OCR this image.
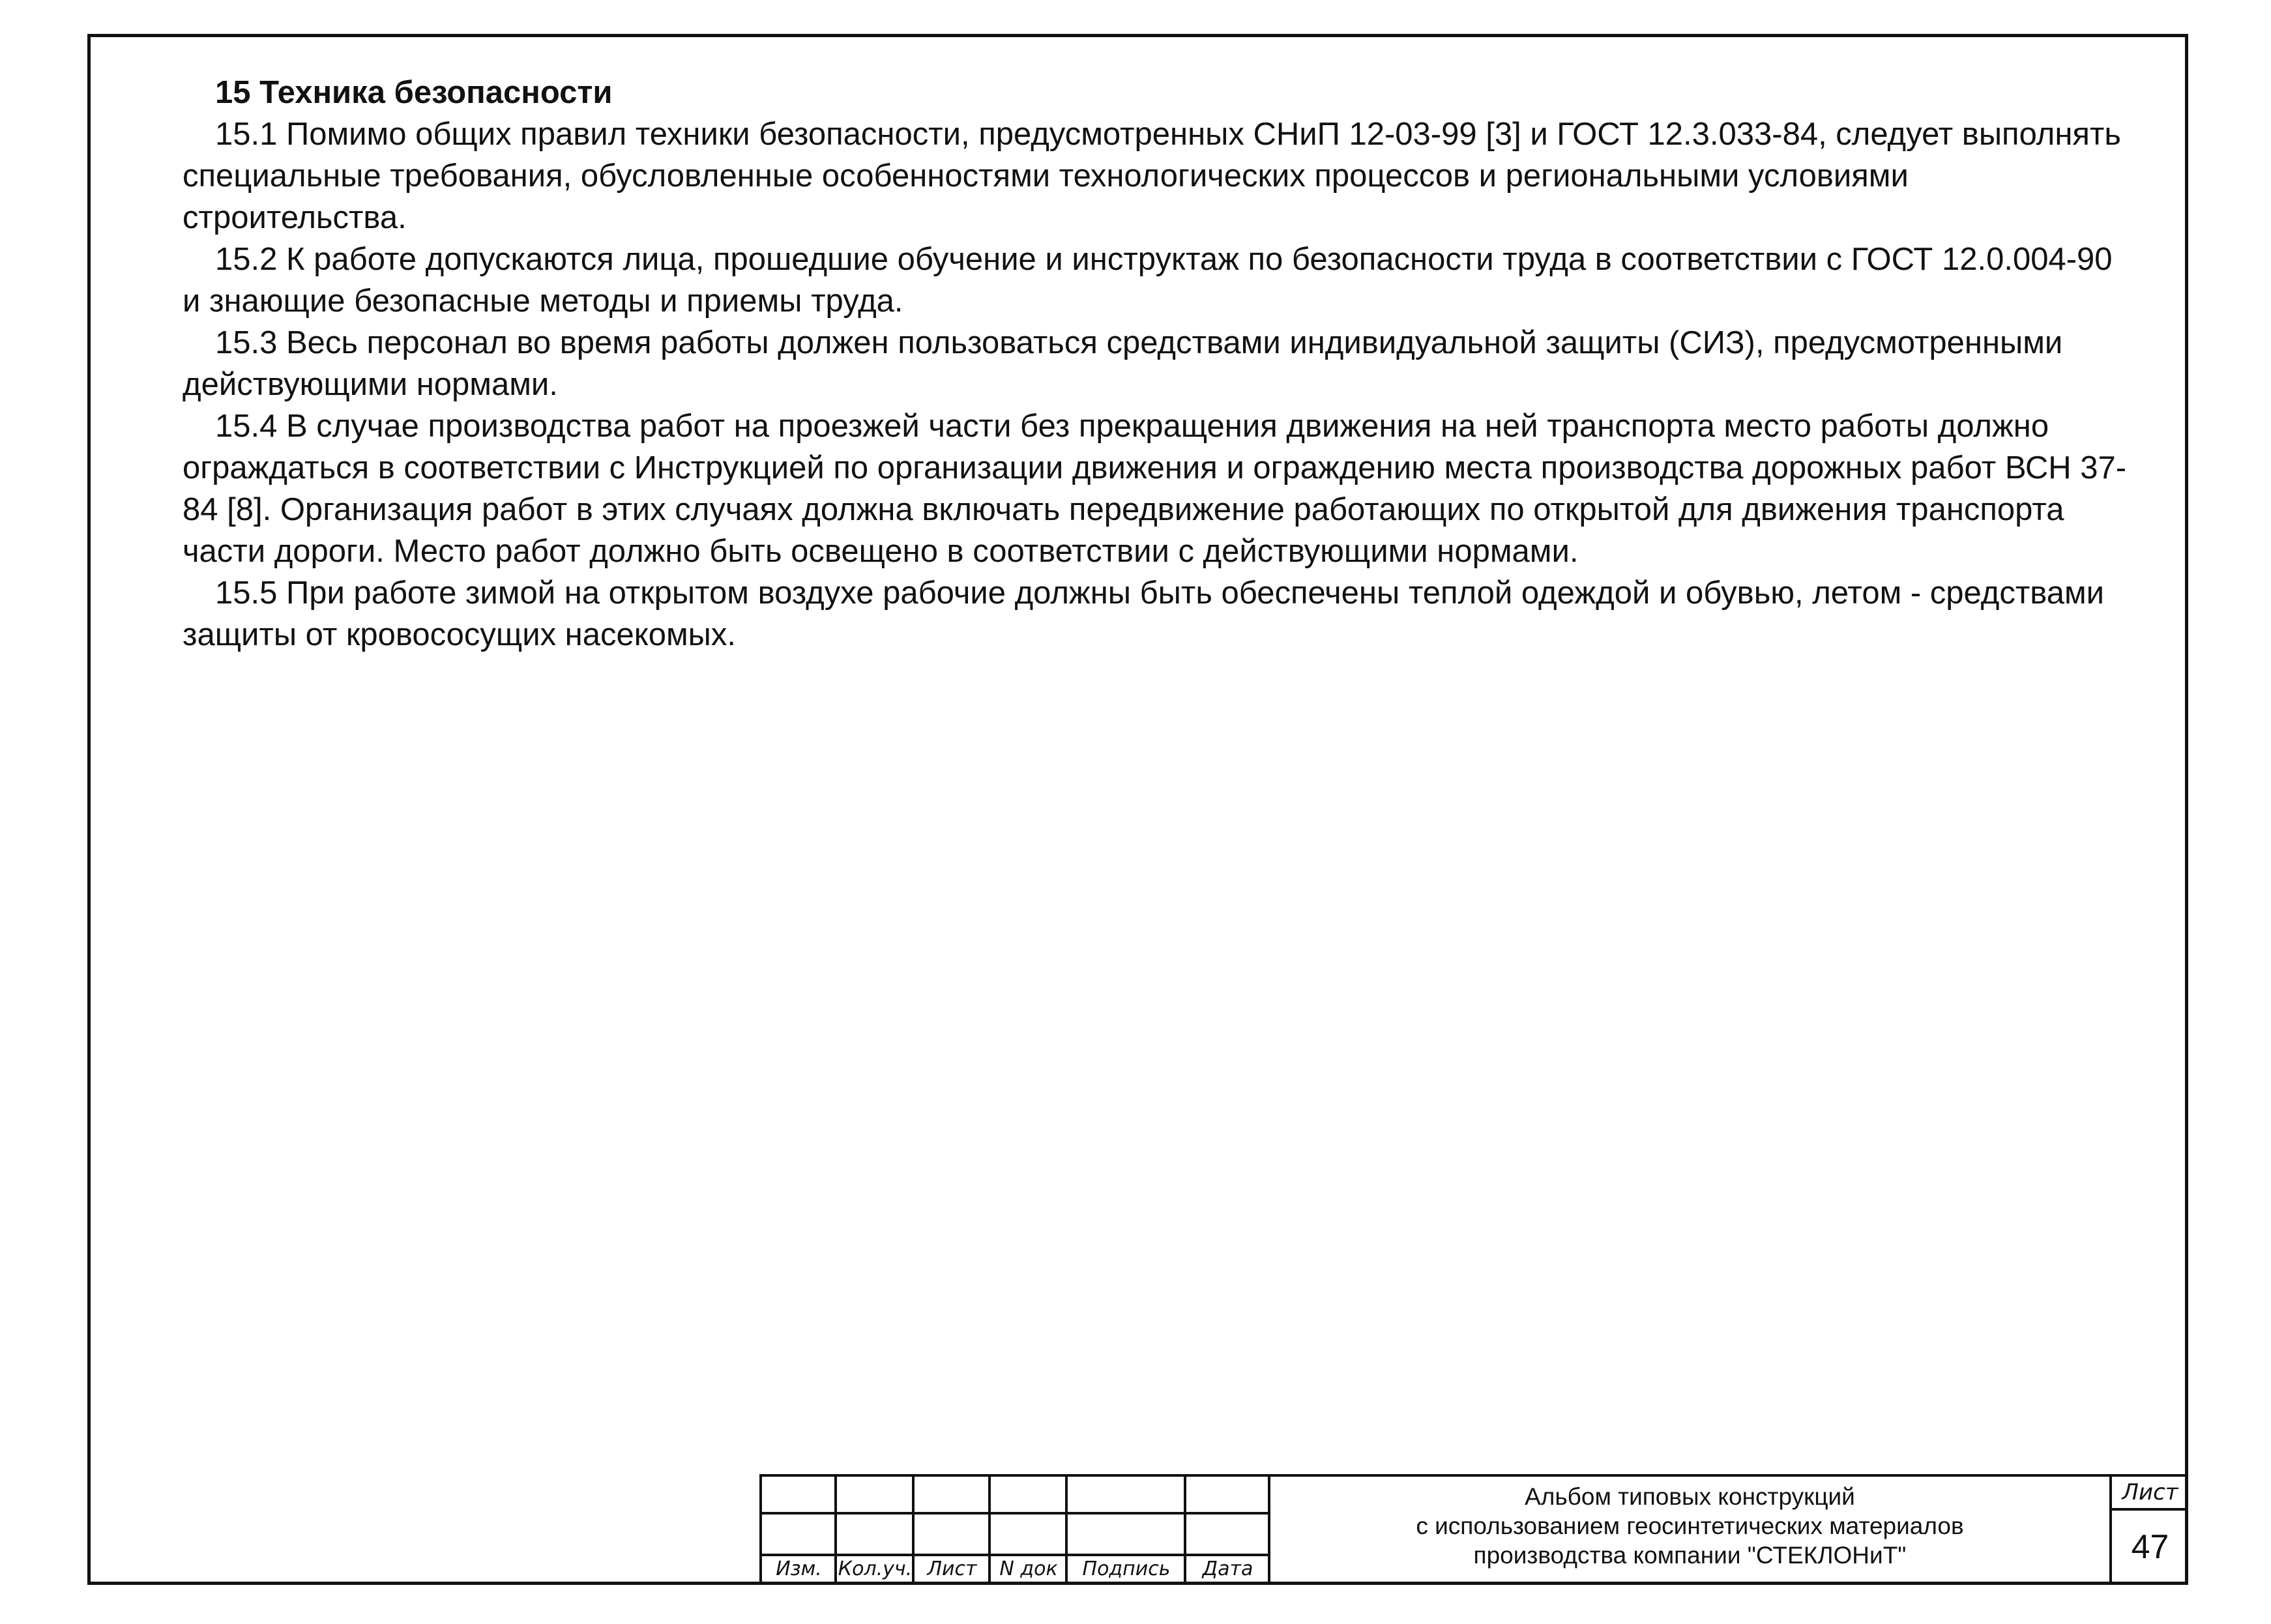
15 Техника безопасности

15.1 Помимо общих правил техники безопасности, предусмотренных СНиП 12-03-99 [3] и ГОСТ 12.3.033-84, следует выполнять специальные требования, обусловленные особенностями технологических процессов и региональными условиями строительства.

15.2 К работе допускаются лица, прошедшие обучение и инструктаж по безопасности труда в соответствии с ГОСТ 12.0.004-90 и знающие безопасные методы и приемы труда.

15.3 Весь персонал во время работы должен пользоваться средствами индивидуальной защиты (СИЗ), предусмотренными действующими нормами.

15.4 В случае производства работ на проезжей части без прекращения движения на ней транспорта место работы должно ограждаться в соответствии с Инструкцией по организации движения и ограждению места производства дорожных работ ВСН 37-84 [8]. Организация работ в этих случаях должна включать передвижение работающих по открытой для движения транспорта части дороги. Место работ должно быть освещено в соответствии с действующими нормами.

15.5 При работе зимой на открытом воздухе рабочие должны быть обеспечены теплой одеждой и обувью, летом - средствами защиты от кровососущих насекомых.

Изм. Кол.уч. Лист	N док	Подпись	Дата
Альбом типовых конструкций
с использованием геосинтетических материалов
производства компании "СТЕКЛОНиТ"
Лист
47
